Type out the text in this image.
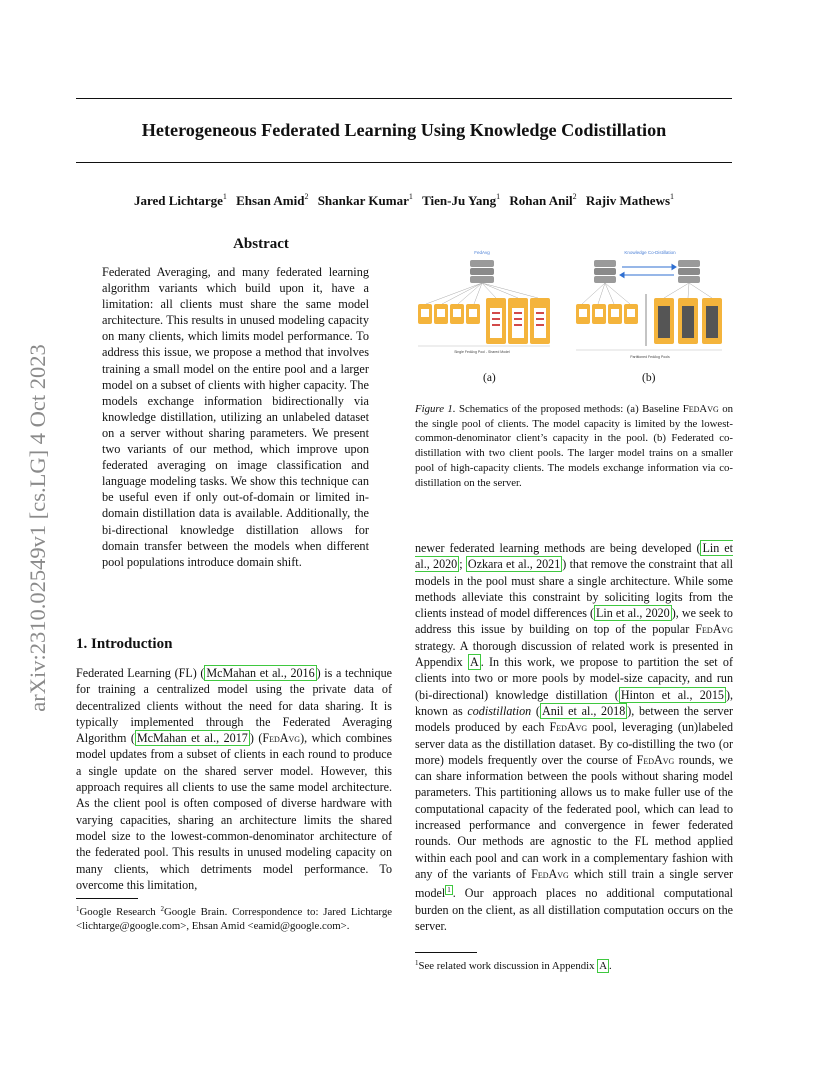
Heterogeneous Federated Learning Using Knowledge Codistillation
Jared Lichtarge$^1$ Ehsan Amid$^2$ Shankar Kumar$^1$ Tien-Ju Yang$^1$ Rohan Anil$^2$ Rajiv Mathews$^1$
arXiv:2310.02549v1 [cs.LG] 4 Oct 2023
Abstract
Federated Averaging, and many federated learning algorithm variants which build upon it, have a limitation: all clients must share the same model architecture. This results in unused modeling capacity on many clients, which limits model performance. To address this issue, we propose a method that involves training a small model on the entire pool and a larger model on a subset of clients with higher capacity. The models exchange information bidirectionally via knowledge distillation, utilizing an unlabeled dataset on a server without sharing parameters. We present two variants of our method, which improve upon federated averaging on image classification and language modeling tasks. We show this technique can be useful even if only out-of-domain or limited in-domain distillation data is available. Additionally, the bi-directional knowledge distillation allows for domain transfer between the models when different pool populations introduce domain shift.
FedAvg
Single FedAvg Pool - Shared Model
Knowledge Co-Distillation
Partitioned FedAvg Pools
(a)	(b)
Figure 1. Schematics of the proposed methods: (a) Baseline FedAvg on the single pool of clients. The model capacity is limited by the lowest-common-denominator client’s capacity in the pool. (b) Federated co-distillation with two client pools. The larger model trains on a smaller pool of high-capacity clients. The models exchange information via co-distillation on the server.
1. Introduction
Federated Learning (FL) ( McMahan et al., 2016 ) is a technique for training a centralized model using the private data of decentralized clients without the need for data sharing. It is typically implemented through the Federated Averaging Algorithm ( McMahan et al., 2017 ) (FedAvg), which combines model updates from a subset of clients in each round to produce a single update on the shared server model. However, this approach requires all clients to use the same model architecture. As the client pool is often composed of diverse hardware with varying capacities, sharing an architecture limits the shared model size to the lowest-common-denominator architecture of the federated pool. This results in unused modeling capacity on many clients, which detriments model performance. To overcome this limitation,
newer federated learning methods are being developed ( Lin et al., 2020 ; Ozkara et al., 2021 ) that remove the constraint that all models in the pool must share a single architecture. While some methods alleviate this constraint by soliciting logits from the clients instead of model differences ( Lin et al., 2020 ), we seek to address this issue by building on top of the popular FedAvg strategy. A thorough discussion of related work is presented in Appendix A . In this work, we propose to partition the set of clients into two or more pools by model-size capacity, and run (bi-directional) knowledge distillation ( Hinton et al., 2015 ), known as codistillation ( Anil et al., 2018 ), between the server models produced by each FedAvg pool, leveraging (un)labeled server data as the distillation dataset. By co-distilling the two (or more) models frequently over the course of FedAvg rounds, we can share information between the pools without sharing model parameters. This partitioning allows us to make fuller use of the computational capacity of the federated pool, which can lead to increased performance and convergence in fewer federated rounds. Our methods are agnostic to the FL method applied within each pool and can work in a complementary fashion with any of the variants of FedAvg which still train a single server model $^1$ . Our approach places no additional computational burden on the client, as all distillation computation occurs on the server.
$^1$Google Research $^2$Google Brain. Correspondence to: Jared Lichtarge <lichtarge@google.com>, Ehsan Amid <eamid@google.com>.
$^1$See related work discussion in Appendix A .
